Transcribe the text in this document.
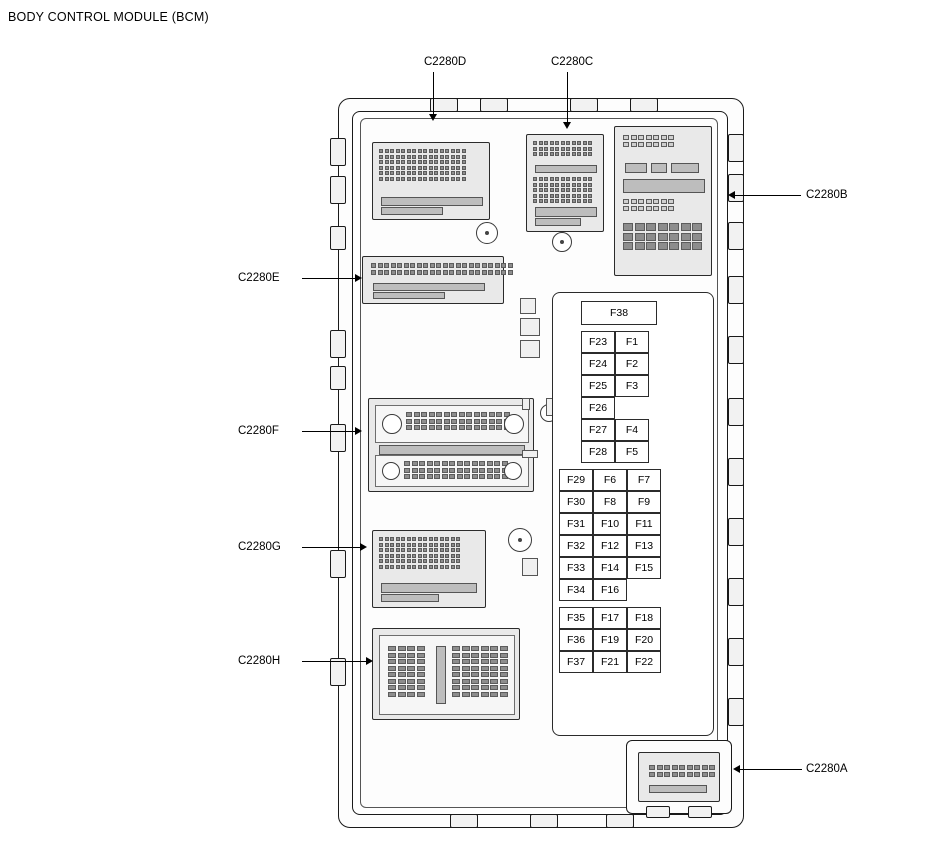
BODY CONTROL MODULE (BCM)
F38
F23	F1
F24	F2
F25	F3
F26
F27	F4
F28	F5
F29	F6	F7
F30	F8	F9
F31	F10	F11
F32	F12	F13
F33	F14	F15
F34	F16
F35	F17	F18
F36	F19	F20
F37	F21	F22
C2280D	C2280C
C2280B
C2280E
C2280F
C2280G
C2280H
C2280A
